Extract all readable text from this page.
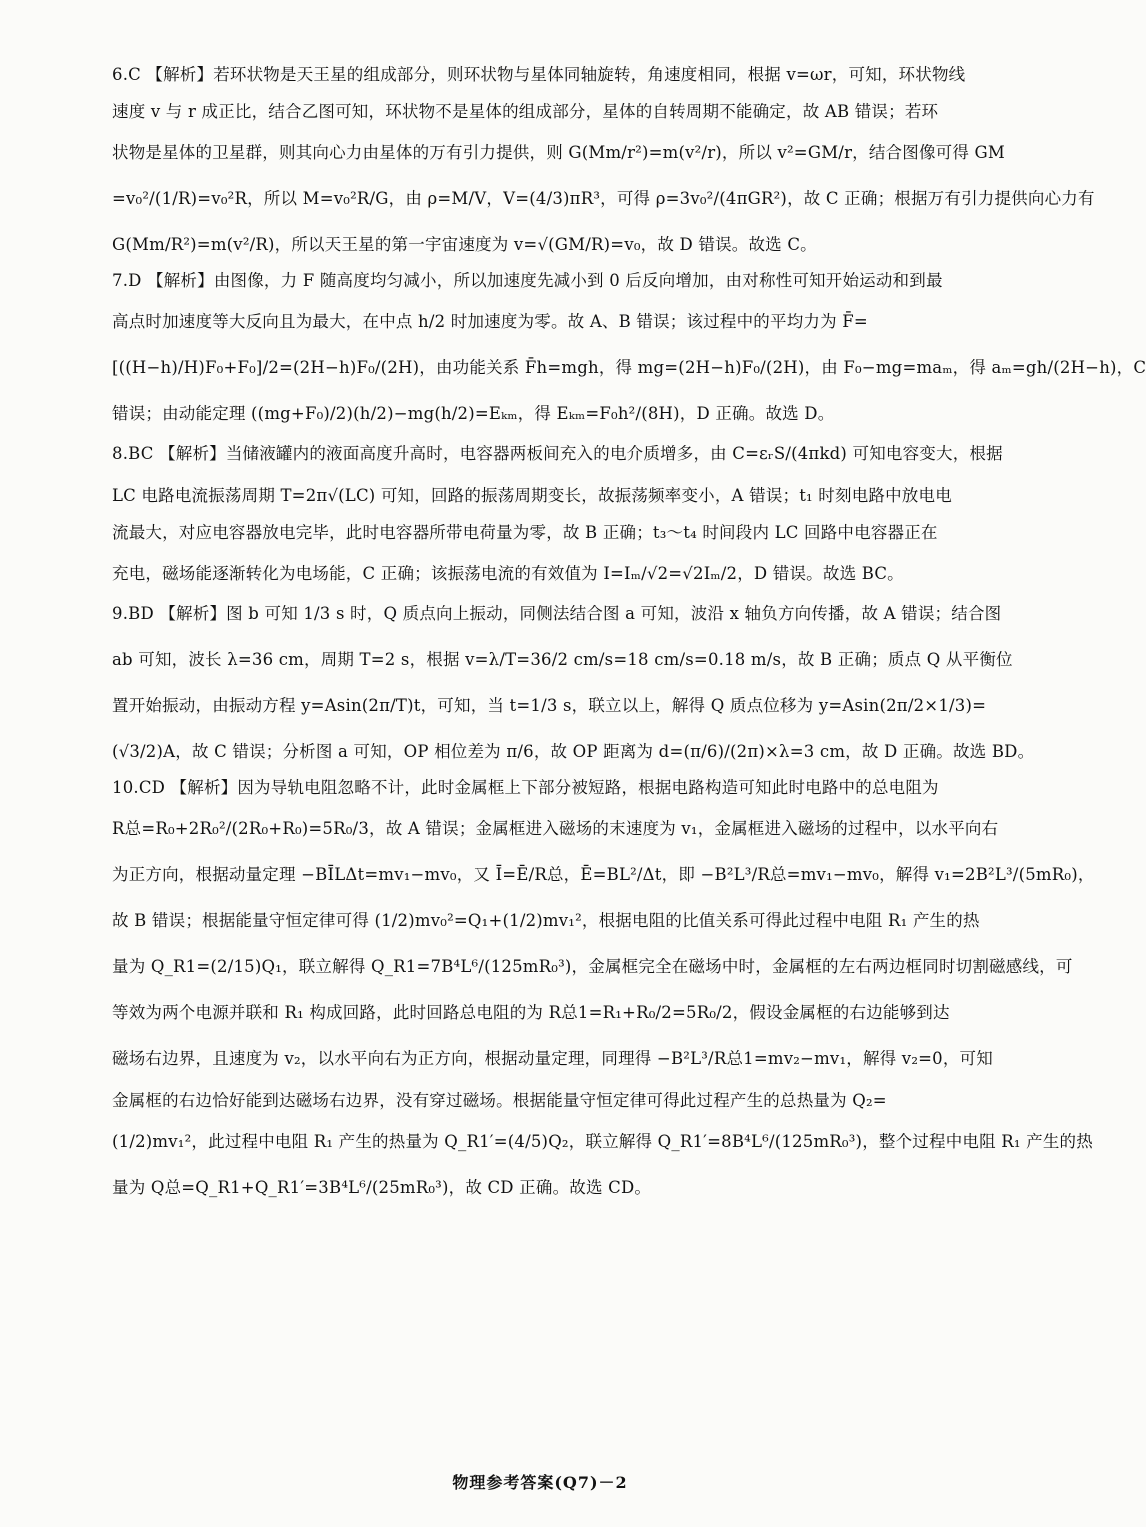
6.C 【解析】若环状物是天王星的组成部分，则环状物与星体同轴旋转，角速度相同，根据 v=ωr，可知，环状物线
速度 v 与 r 成正比，结合乙图可知，环状物不是星体的组成部分，星体的自转周期不能确定，故 AB 错误；若环
状物是星体的卫星群，则其向心力由星体的万有引力提供，则 G(Mm/r²)=m(v²/r)，所以 v²=GM/r，结合图像可得 GM
=v₀²/(1/R)=v₀²R，所以 M=v₀²R/G，由 ρ=M/V，V=(4/3)πR³，可得 ρ=3v₀²/(4πGR²)，故 C 正确；根据万有引力提供向心力有
G(Mm/R²)=m(v²/R)，所以天王星的第一宇宙速度为 v=√(GM/R)=v₀，故 D 错误。故选 C。
7.D 【解析】由图像，力 F 随高度均匀减小，所以加速度先减小到 0 后反向增加，由对称性可知开始运动和到最
高点时加速度等大反向且为最大，在中点 h/2 时加速度为零。故 A、B 错误；该过程中的平均力为 F̄=
[((H−h)/H)F₀+F₀]/2=(2H−h)F₀/(2H)，由功能关系 F̄h=mgh，得 mg=(2H−h)F₀/(2H)，由 F₀−mg=maₘ，得 aₘ=gh/(2H−h)，C
错误；由动能定理 ((mg+F₀)/2)(h/2)−mg(h/2)=Eₖₘ，得 Eₖₘ=F₀h²/(8H)，D 正确。故选 D。
8.BC 【解析】当储液罐内的液面高度升高时，电容器两板间充入的电介质增多，由 C=εᵣS/(4πkd) 可知电容变大，根据
LC 电路电流振荡周期 T=2π√(LC) 可知，回路的振荡周期变长，故振荡频率变小，A 错误；t₁ 时刻电路中放电电
流最大，对应电容器放电完毕，此时电容器所带电荷量为零，故 B 正确；t₃～t₄ 时间段内 LC 回路中电容器正在
充电，磁场能逐渐转化为电场能，C 正确；该振荡电流的有效值为 I=Iₘ/√2=√2Iₘ/2，D 错误。故选 BC。
9.BD 【解析】图 b 可知 1/3 s 时，Q 质点向上振动，同侧法结合图 a 可知，波沿 x 轴负方向传播，故 A 错误；结合图
ab 可知，波长 λ=36 cm，周期 T=2 s，根据 v=λ/T=36/2 cm/s=18 cm/s=0.18 m/s，故 B 正确；质点 Q 从平衡位
置开始振动，由振动方程 y=Asin(2π/T)t，可知，当 t=1/3 s，联立以上，解得 Q 质点位移为 y=Asin(2π/2×1/3)=
(√3/2)A，故 C 错误；分析图 a 可知，OP 相位差为 π/6，故 OP 距离为 d=(π/6)/(2π)×λ=3 cm，故 D 正确。故选 BD。
10.CD 【解析】因为导轨电阻忽略不计，此时金属框上下部分被短路，根据电路构造可知此时电路中的总电阻为
R总=R₀+2R₀²/(2R₀+R₀)=5R₀/3，故 A 错误；金属框进入磁场的末速度为 v₁，金属框进入磁场的过程中，以水平向右
为正方向，根据动量定理 −BĪLΔt=mv₁−mv₀，又 Ī=Ē/R总，Ē=BL²/Δt，即 −B²L³/R总=mv₁−mv₀，解得 v₁=2B²L³/(5mR₀)，
故 B 错误；根据能量守恒定律可得 (1/2)mv₀²=Q₁+(1/2)mv₁²，根据电阻的比值关系可得此过程中电阻 R₁ 产生的热
量为 Q_R1=(2/15)Q₁，联立解得 Q_R1=7B⁴L⁶/(125mR₀³)，金属框完全在磁场中时，金属框的左右两边框同时切割磁感线，可
等效为两个电源并联和 R₁ 构成回路，此时回路总电阻的为 R总1=R₁+R₀/2=5R₀/2，假设金属框的右边能够到达
磁场右边界，且速度为 v₂，以水平向右为正方向，根据动量定理，同理得 −B²L³/R总1=mv₂−mv₁，解得 v₂=0，可知
金属框的右边恰好能到达磁场右边界，没有穿过磁场。根据能量守恒定律可得此过程产生的总热量为 Q₂=
(1/2)mv₁²，此过程中电阻 R₁ 产生的热量为 Q_R1′=(4/5)Q₂，联立解得 Q_R1′=8B⁴L⁶/(125mR₀³)，整个过程中电阻 R₁ 产生的热
量为 Q总=Q_R1+Q_R1′=3B⁴L⁶/(25mR₀³)，故 CD 正确。故选 CD。
物理参考答案(Q7)－2
